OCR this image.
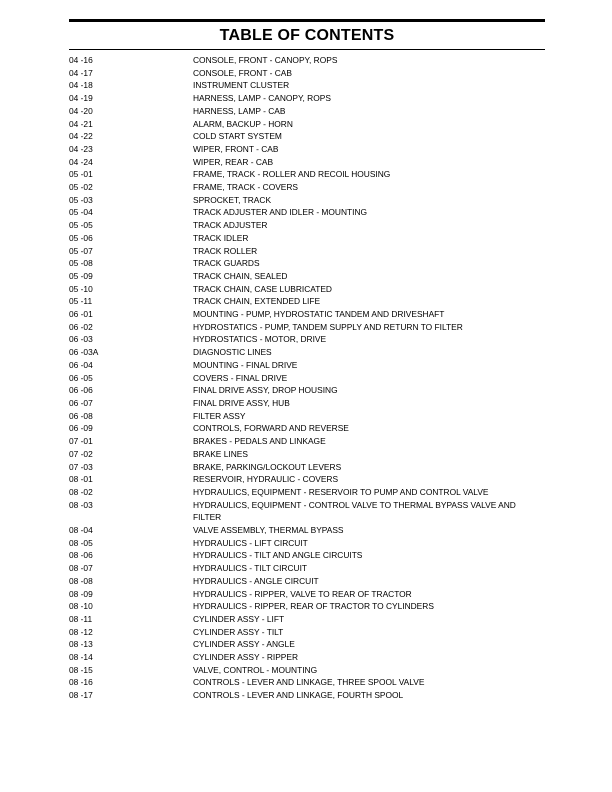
TABLE OF CONTENTS
04 -16	CONSOLE, FRONT - CANOPY, ROPS
04 -17	CONSOLE, FRONT - CAB
04 -18	INSTRUMENT CLUSTER
04 -19	HARNESS, LAMP - CANOPY, ROPS
04 -20	HARNESS, LAMP - CAB
04 -21	ALARM, BACKUP - HORN
04 -22	COLD START SYSTEM
04 -23	WIPER, FRONT - CAB
04 -24	WIPER, REAR - CAB
05 -01	FRAME, TRACK - ROLLER AND RECOIL HOUSING
05 -02	FRAME, TRACK - COVERS
05 -03	SPROCKET, TRACK
05 -04	TRACK ADJUSTER AND IDLER - MOUNTING
05 -05	TRACK ADJUSTER
05 -06	TRACK IDLER
05 -07	TRACK ROLLER
05 -08	TRACK GUARDS
05 -09	TRACK CHAIN, SEALED
05 -10	TRACK CHAIN, CASE LUBRICATED
05 -11	TRACK CHAIN, EXTENDED LIFE
06 -01	MOUNTING - PUMP, HYDROSTATIC TANDEM AND DRIVESHAFT
06 -02	HYDROSTATICS - PUMP, TANDEM SUPPLY AND RETURN TO FILTER
06 -03	HYDROSTATICS - MOTOR, DRIVE
06 -03A	DIAGNOSTIC LINES
06 -04	MOUNTING - FINAL DRIVE
06 -05	COVERS - FINAL DRIVE
06 -06	FINAL DRIVE ASSY, DROP HOUSING
06 -07	FINAL DRIVE ASSY, HUB
06 -08	FILTER ASSY
06 -09	CONTROLS, FORWARD AND REVERSE
07 -01	BRAKES - PEDALS AND LINKAGE
07 -02	BRAKE LINES
07 -03	BRAKE, PARKING/LOCKOUT LEVERS
08 -01	RESERVOIR, HYDRAULIC - COVERS
08 -02	HYDRAULICS, EQUIPMENT - RESERVOIR TO PUMP AND CONTROL VALVE
08 -03	HYDRAULICS, EQUIPMENT - CONTROL VALVE TO THERMAL BYPASS VALVE AND FILTER
08 -04	VALVE ASSEMBLY, THERMAL BYPASS
08 -05	HYDRAULICS - LIFT CIRCUIT
08 -06	HYDRAULICS - TILT AND ANGLE CIRCUITS
08 -07	HYDRAULICS - TILT CIRCUIT
08 -08	HYDRAULICS - ANGLE CIRCUIT
08 -09	HYDRAULICS - RIPPER, VALVE TO REAR OF TRACTOR
08 -10	HYDRAULICS - RIPPER, REAR OF TRACTOR TO CYLINDERS
08 -11	CYLINDER ASSY - LIFT
08 -12	CYLINDER ASSY - TILT
08 -13	CYLINDER ASSY - ANGLE
08 -14	CYLINDER ASSY - RIPPER
08 -15	VALVE, CONTROL - MOUNTING
08 -16	CONTROLS - LEVER AND LINKAGE, THREE SPOOL VALVE
08 -17	CONTROLS - LEVER AND LINKAGE, FOURTH SPOOL
